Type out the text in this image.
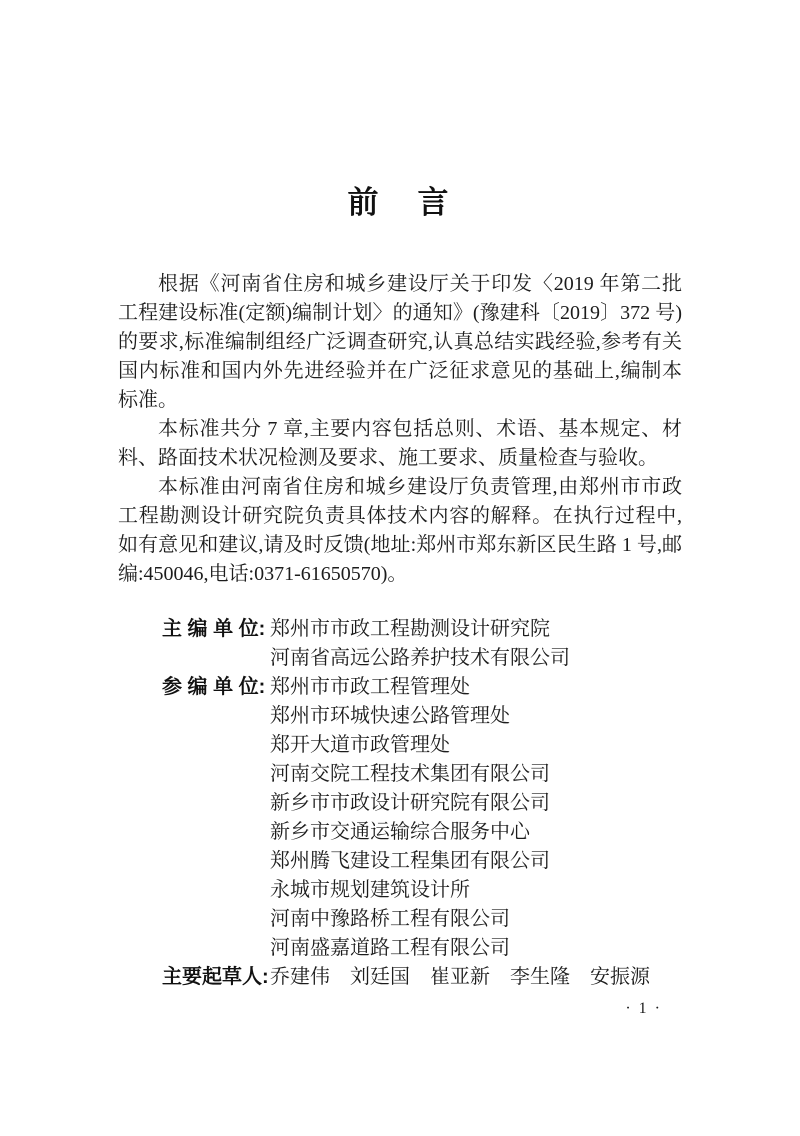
前　言

根据《河南省住房和城乡建设厅关于印发〈2019 年第二批工程建设标准(定额)编制计划〉的通知》(豫建科〔2019〕372 号)的要求,标准编制组经广泛调查研究,认真总结实践经验,参考有关国内标准和国内外先进经验并在广泛征求意见的基础上,编制本标准。

本标准共分 7 章,主要内容包括总则、术语、基本规定、材料、路面技术状况检测及要求、施工要求、质量检查与验收。

本标准由河南省住房和城乡建设厅负责管理,由郑州市市政工程勘测设计研究院负责具体技术内容的解释。在执行过程中,如有意见和建议,请及时反馈(地址:郑州市郑东新区民生路 1 号,邮编:450046,电话:0371-61650570)。

主 编 单 位: 郑州市市政工程勘测设计研究院
河南省高远公路养护技术有限公司
参 编 单 位: 郑州市市政工程管理处
郑州市环城快速公路管理处
郑开大道市政管理处
河南交院工程技术集团有限公司
新乡市市政设计研究院有限公司
新乡市交通运输综合服务中心
郑州腾飞建设工程集团有限公司
永城市规划建筑设计所
河南中豫路桥工程有限公司
河南盛嘉道路工程有限公司
主要起草人: 乔建伟 刘廷国 崔亚新 李生隆 安振源
· 1 ·
